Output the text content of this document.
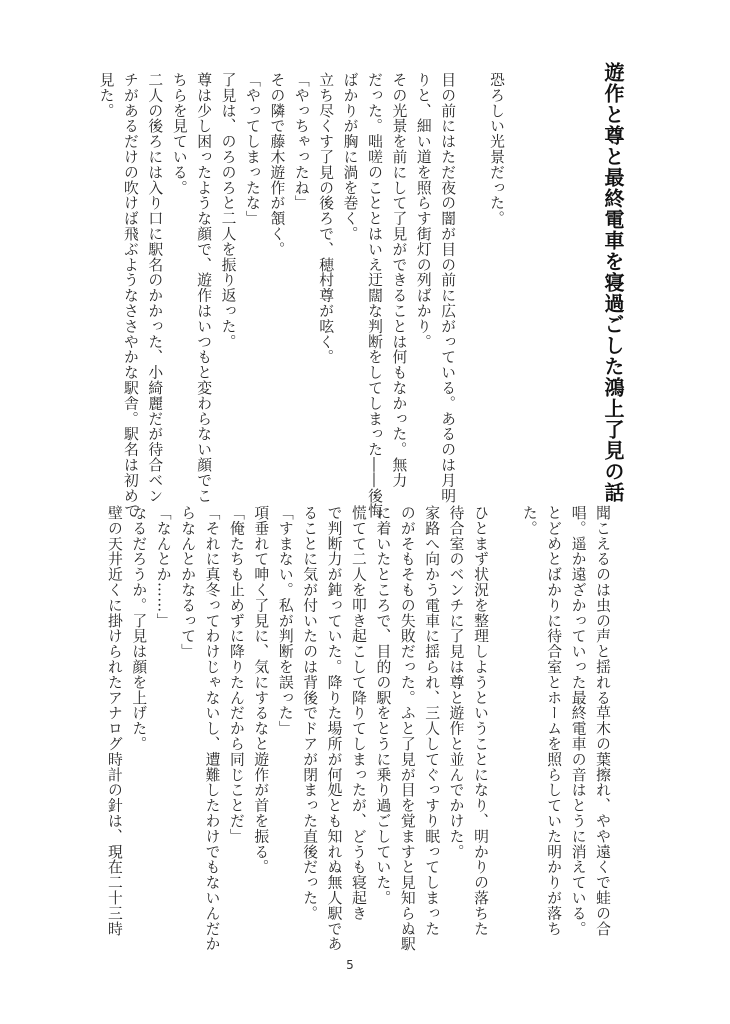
遊作と尊と最終電車を寝過ごした鴻上了見の話

恐ろしい光景だった。

目の前にはただ夜の闇が目の前に広がっている。あるのは月明

りと、細い道を照らす街灯の列ばかり。

その光景を前にして了見ができることは何もなかった。無力

だった。咄嗟のこととはいえ迂闊な判断をしてしまった――後悔

ばかりが胸に渦を巻く。

立ち尽くす了見の後ろで、穂村尊が呟く。

「やっちゃったね」

その隣で藤木遊作が頷く。

「やってしまったな」

了見は、のろのろと二人を振り返った。

尊は少し困ったような顔で、遊作はいつもと変わらない顔でこ

ちらを見ている。

二人の後ろには入り口に駅名のかかった、小綺麗だが待合ベン

チがあるだけの吹けば飛ぶようなささやかな駅舎。駅名は初めて

見た。

聞こえるのは虫の声と揺れる草木の葉擦れ、やや遠くで蛙の合

唱。遥か遠ざかっていった最終電車の音はとうに消えている。

とどめとばかりに待合室とホームを照らしていた明かりが落ち

た。

ひとまず状況を整理しようということになり、明かりの落ちた

待合室のベンチに了見は尊と遊作と並んでかけた。

家路へ向かう電車に揺られ、三人してぐっすり眠ってしまった

のがそもそもの失敗だった。ふと了見が目を覚ますと見知らぬ駅

に着いたところで、目的の駅をとうに乗り過ごしていた。

慌てて二人を叩き起こして降りてしまったが、どうも寝起き

で判断力が鈍っていた。降りた場所が何処とも知れぬ無人駅であ

ることに気が付いたのは背後でドアが閉まった直後だった。

「すまない。私が判断を誤った」

項垂れて呻く了見に、気にするなと遊作が首を振る。

「俺たちも止めずに降りたんだから同じことだ」

「それに真冬ってわけじゃないし、遭難したわけでもないんだか

らなんとかなるって」

「なんとか……」

なるだろうか。了見は顔を上げた。

壁の天井近くに掛けられたアナログ時計の針は、現在二十三時

5
